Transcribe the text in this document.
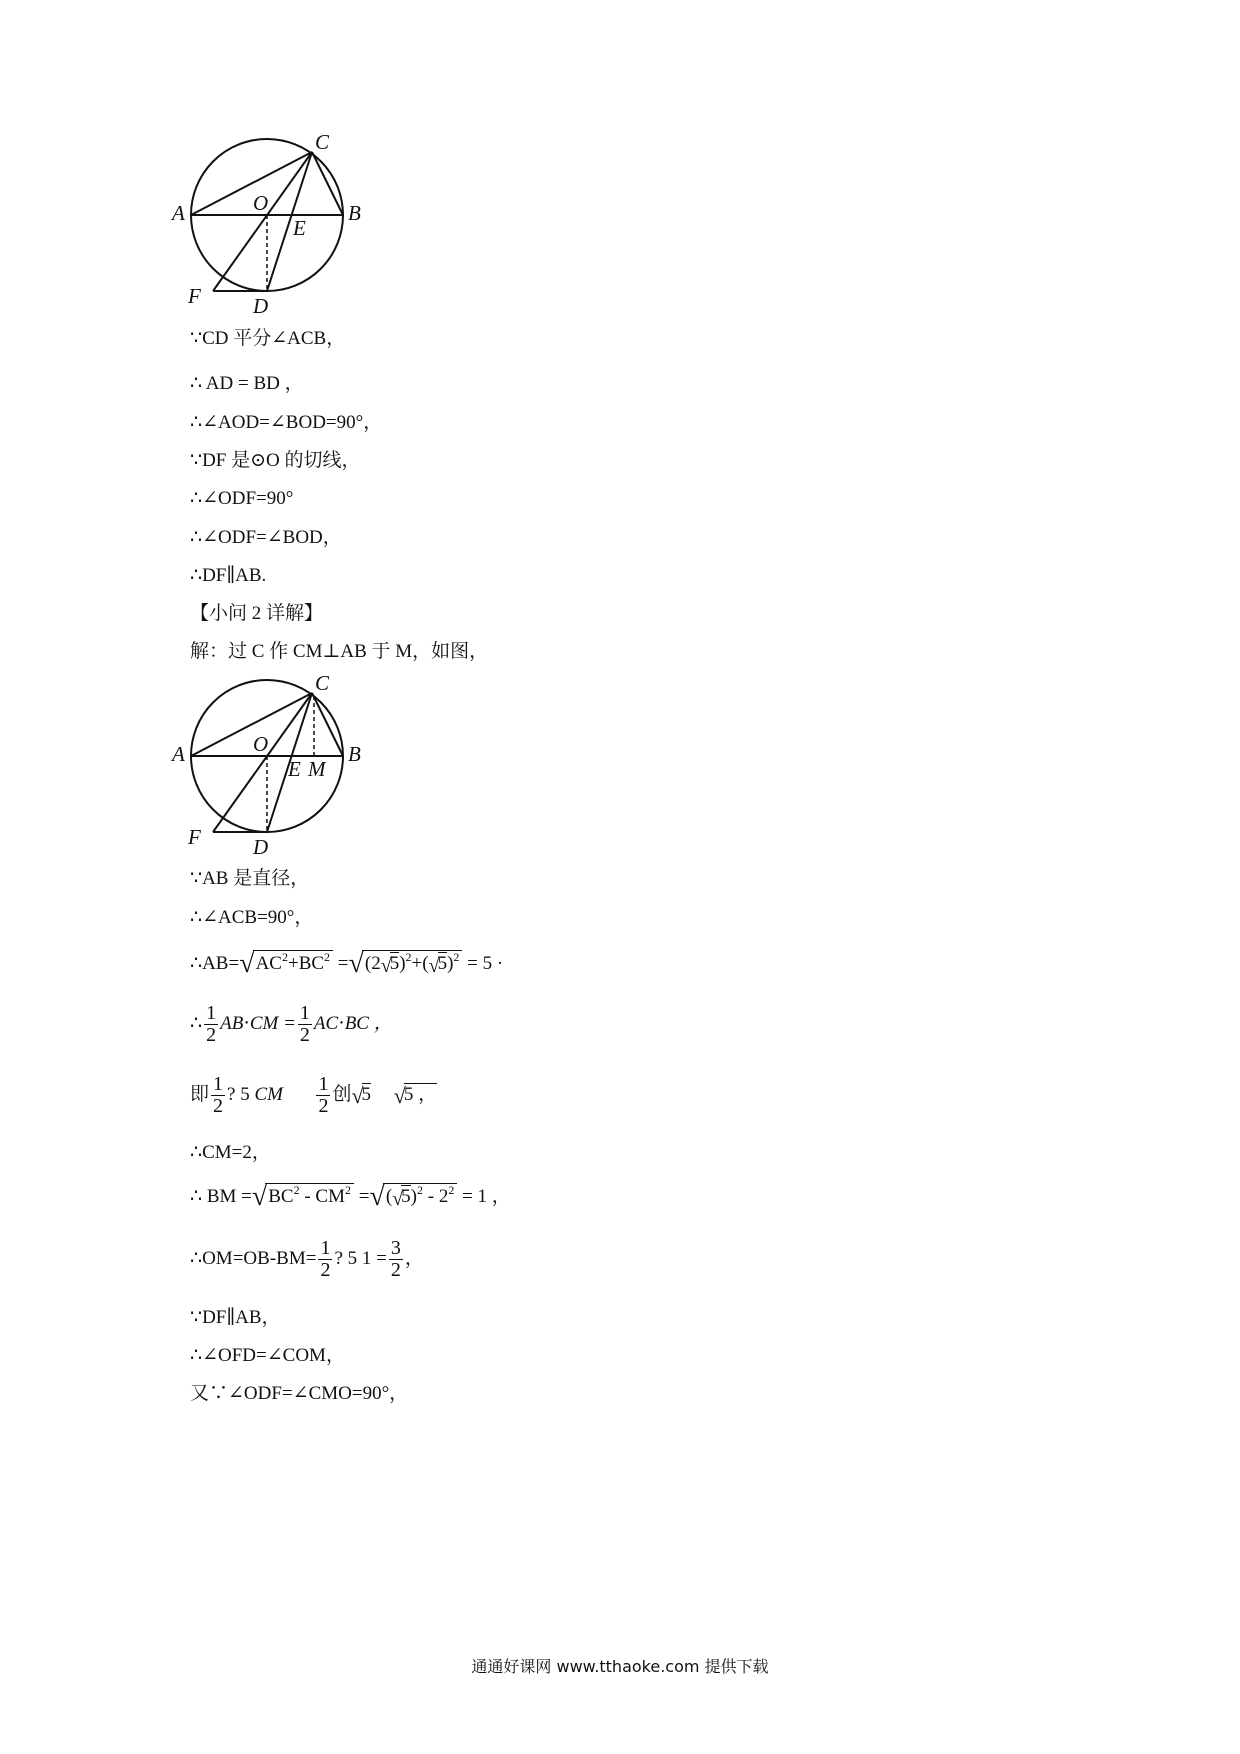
A	B
C
O
E
F D
∵CD 平分∠ACB，
∴ AD = BD ，
∴∠AOD=∠BOD=90°，
∵DF 是⊙O 的切线，
∴∠ODF=90°
∴∠ODF=∠BOD，
∴DF∥AB.
【小问 2 详解】
解：过 C 作 CM⊥AB 于 M，如图，
A	B
C
O
E M
F D
∵AB 是直径，
∴∠ACB=90°，
$\therefore AB=√AC^2+BC^2 =√(2√5)^2+(√5)^2 = 5$ ·
∴ $\frac{1}{2} AB\cdot CM = \frac{1}{2} AC\cdot BC$ ，
即 $\frac{1}{2}$ ? 5 CM $\frac{1}{2}$ 创√5 √5 ，
∴CM=2，
∴ BM $=√BC^2 - CM^2 =√(√5)^2 - 2^2 = 1$ ，
∴OM=OB-BM= $\frac{1}{2}$ ? 5 $1 = \frac{3}{2}$ ，
∵DF∥AB，
∴∠OFD=∠COM，
又∵∠ODF=∠CMO=90°，
通通好课网 www.tthaoke.com 提供下载
